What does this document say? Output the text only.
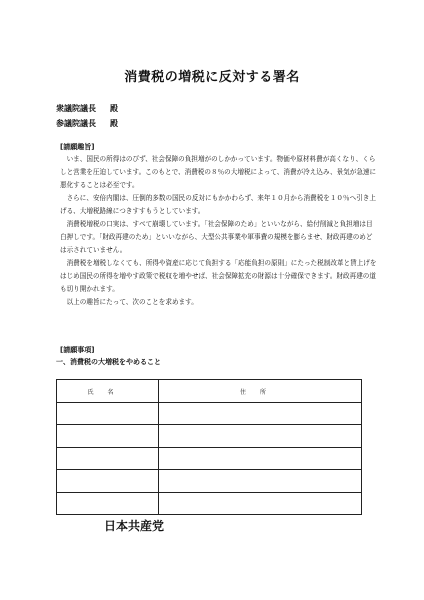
消費税の増税に反対する署名
衆議院議長 殿
参議院議長 殿
[請願趣旨]

いま、国民の所得はのびず、社会保障の負担増がのしかかっています。物価や原材料費が高くなり、くらしと営業を圧迫しています。このもとで、消費税の８％の大増税によって、消費が冷え込み、景気が急速に悪化することは必至です。

さらに、安倍内閣は、圧倒的多数の国民の反対にもかかわらず、来年１０月から消費税を１０％へ引き上げる、大増税路線につきすすもうとしています。

消費税増税の口実は、すべて崩壊しています。「社会保障のため」といいながら、給付削減と負担増は目白押しです。「財政再建のため」といいながら、大型公共事業や軍事費の規模を膨らませ、財政再建のめどは示されていません。

消費税を増税しなくても、所得や資産に応じて負担する「応能負担の原則」にたった税制改革と賃上げをはじめ国民の所得を増やす政策で税収を増やせば、社会保障拡充の財源は十分確保できます。財政再建の道も切り開かれます。

以上の趣旨にたって、次のことを求めます。

[請願事項]
一、消費税の大増税をやめること
氏名	住所

日本共産党
